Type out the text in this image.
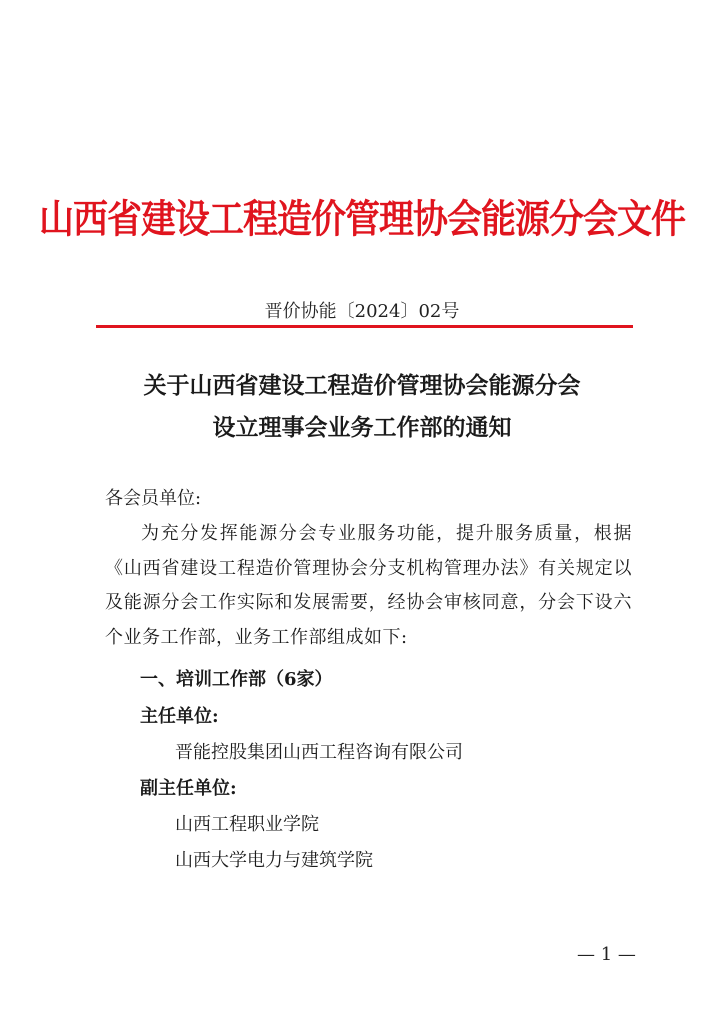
山西省建设工程造价管理协会能源分会文件
晋价协能〔2024〕02号
关于山西省建设工程造价管理协会能源分会
设立理事会业务工作部的通知

各会员单位:

为充分发挥能源分会专业服务功能，提升服务质量，根据《山西省建设工程造价管理协会分支机构管理办法》有关规定以及能源分会工作实际和发展需要，经协会审核同意，分会下设六个业务工作部，业务工作部组成如下:

一、培训工作部（6家）

主任单位:

晋能控股集团山西工程咨询有限公司

副主任单位:

山西工程职业学院

山西大学电力与建筑学院

— 1 —
